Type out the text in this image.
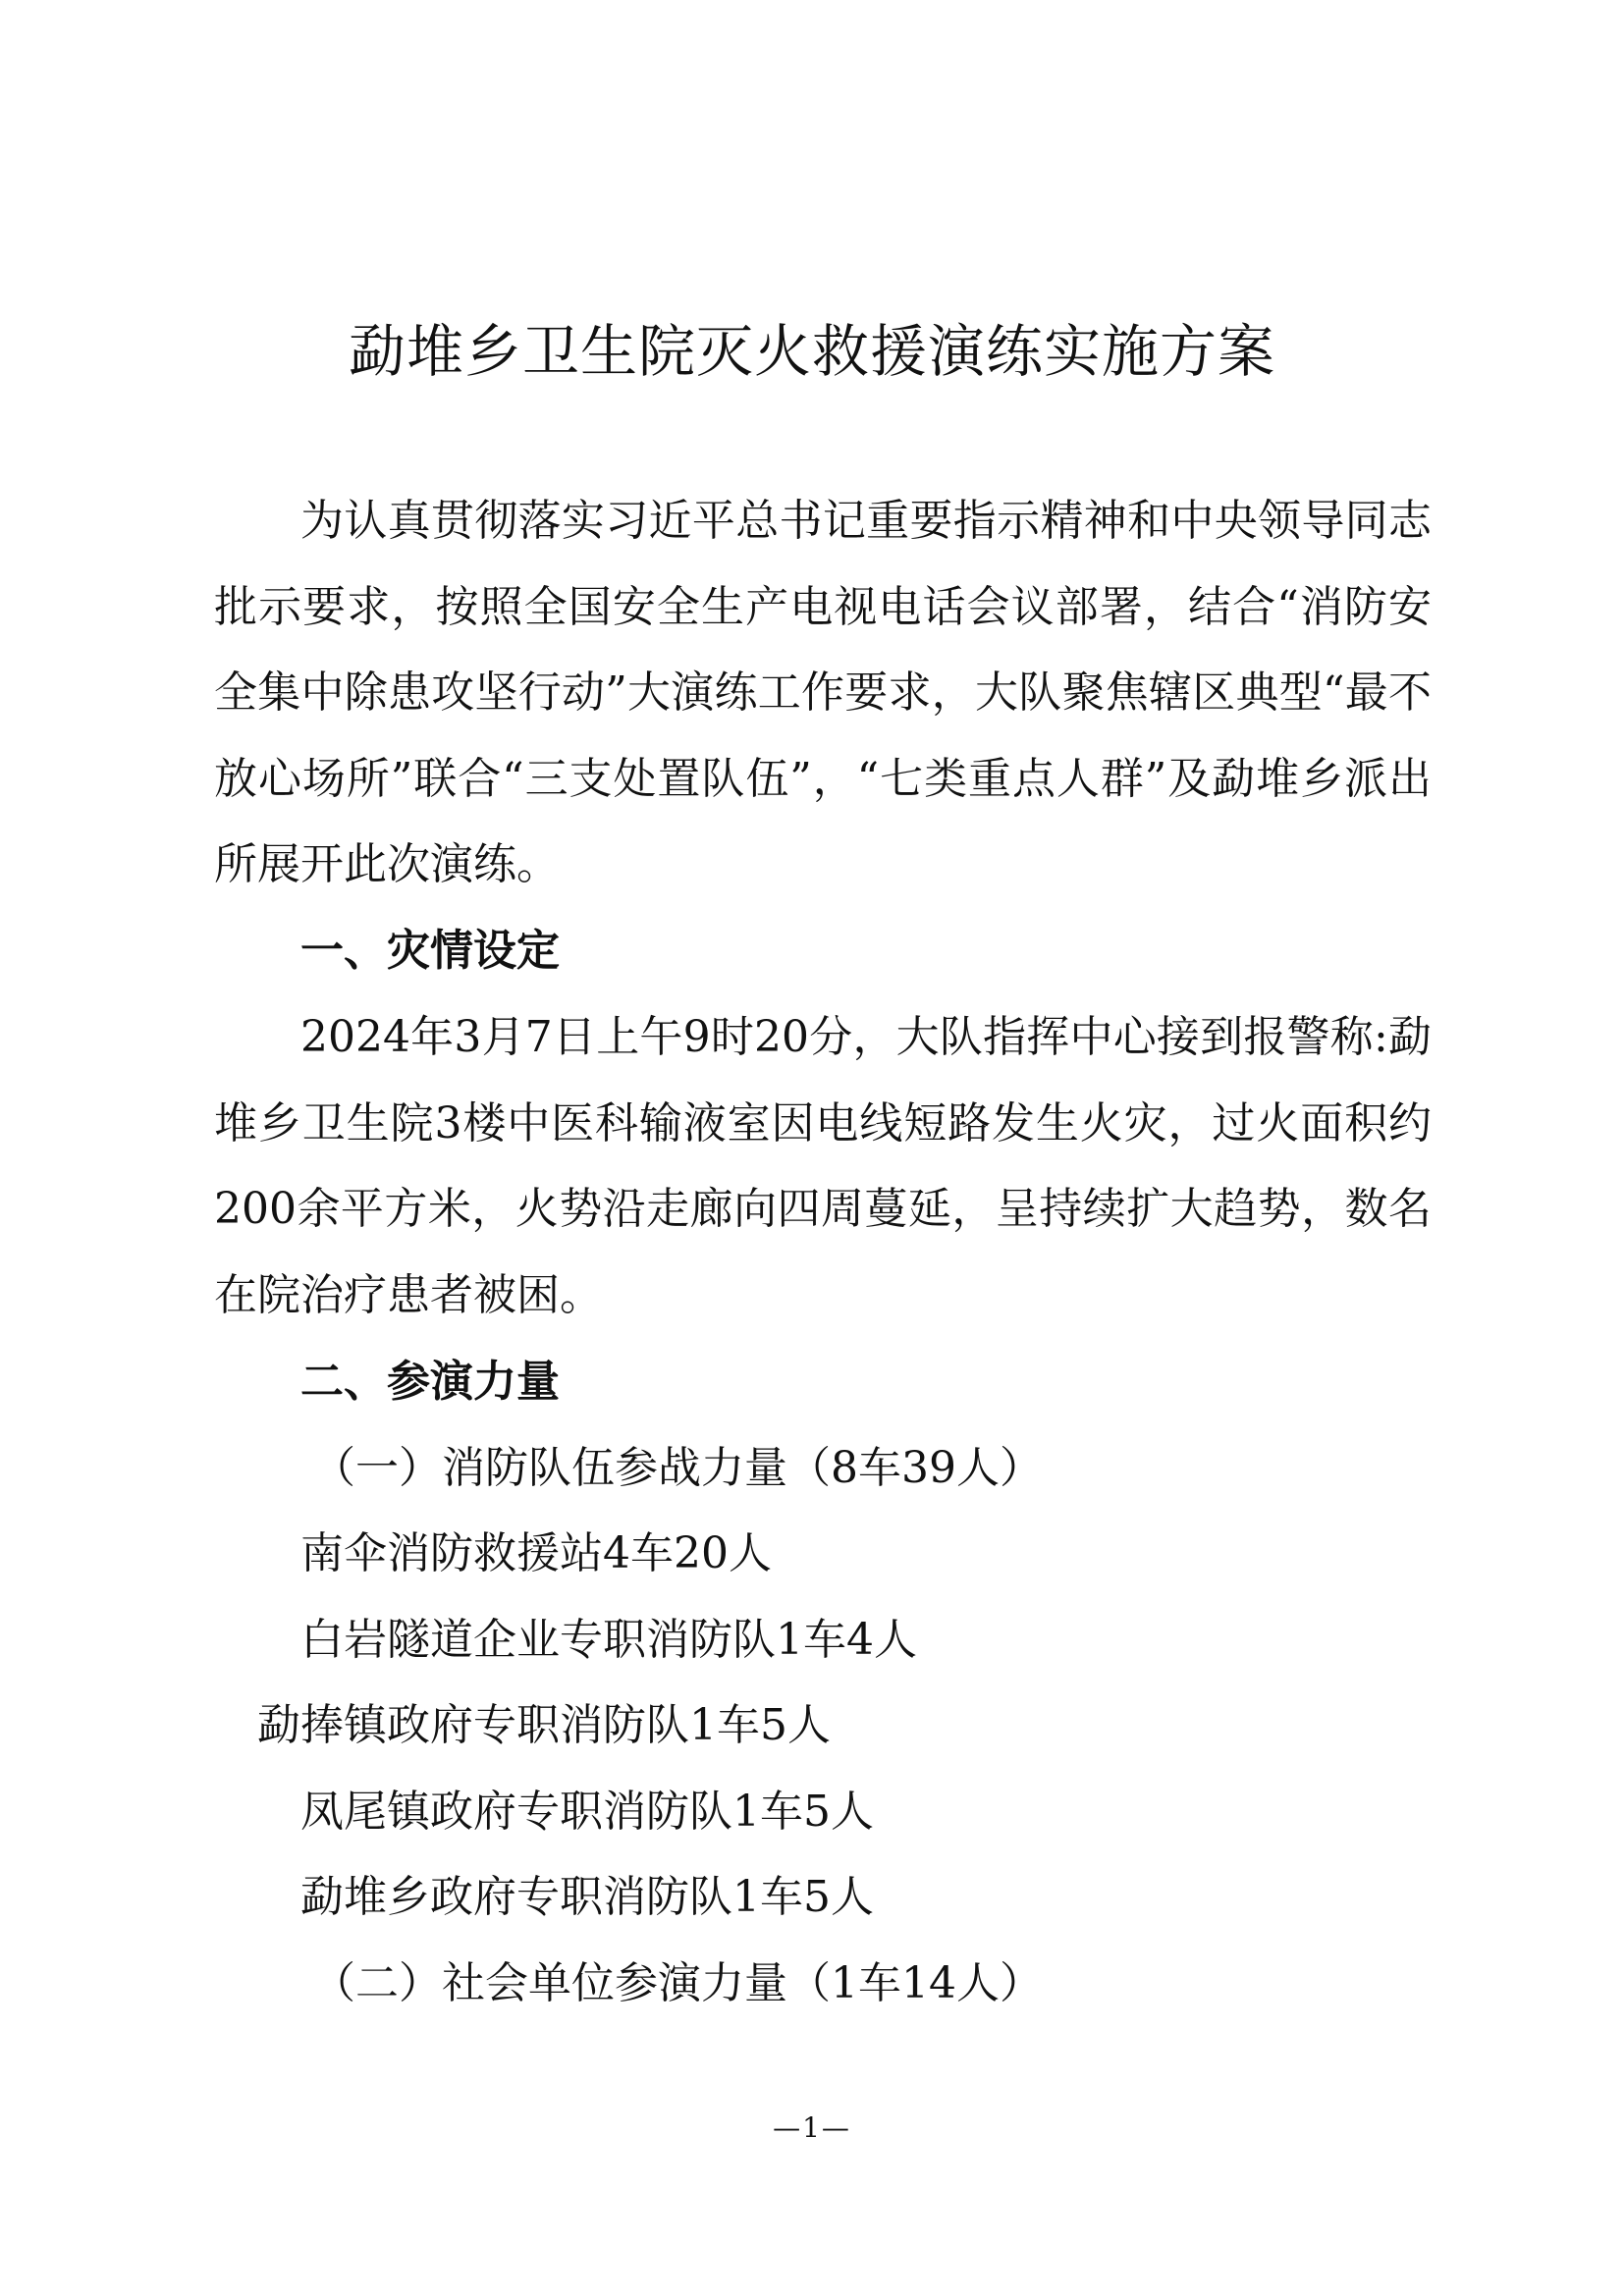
勐堆乡卫生院灭火救援演练实施方案

为认真贯彻落实习近平总书记重要指示精神和中央领导同志批示要求，按照全国安全生产电视电话会议部署，结合“消防安全集中除患攻坚行动”大演练工作要求，大队聚焦辖区典型“最不放心场所”联合“三支处置队伍”，“七类重点人群”及勐堆乡派出所展开此次演练。

一、灾情设定

2024年3月7日上午9时20分，大队指挥中心接到报警称:勐堆乡卫生院3楼中医科输液室因电线短路发生火灾，过火面积约200余平方米，火势沿走廊向四周蔓延，呈持续扩大趋势，数名在院治疗患者被困。

二、参演力量

（一）消防队伍参战力量（8车39人）

南伞消防救援站4车20人

白岩隧道企业专职消防队1车4人

勐捧镇政府专职消防队1车5人

凤尾镇政府专职消防队1车5人

勐堆乡政府专职消防队1车5人

（二）社会单位参演力量（1车14人）

—1—
